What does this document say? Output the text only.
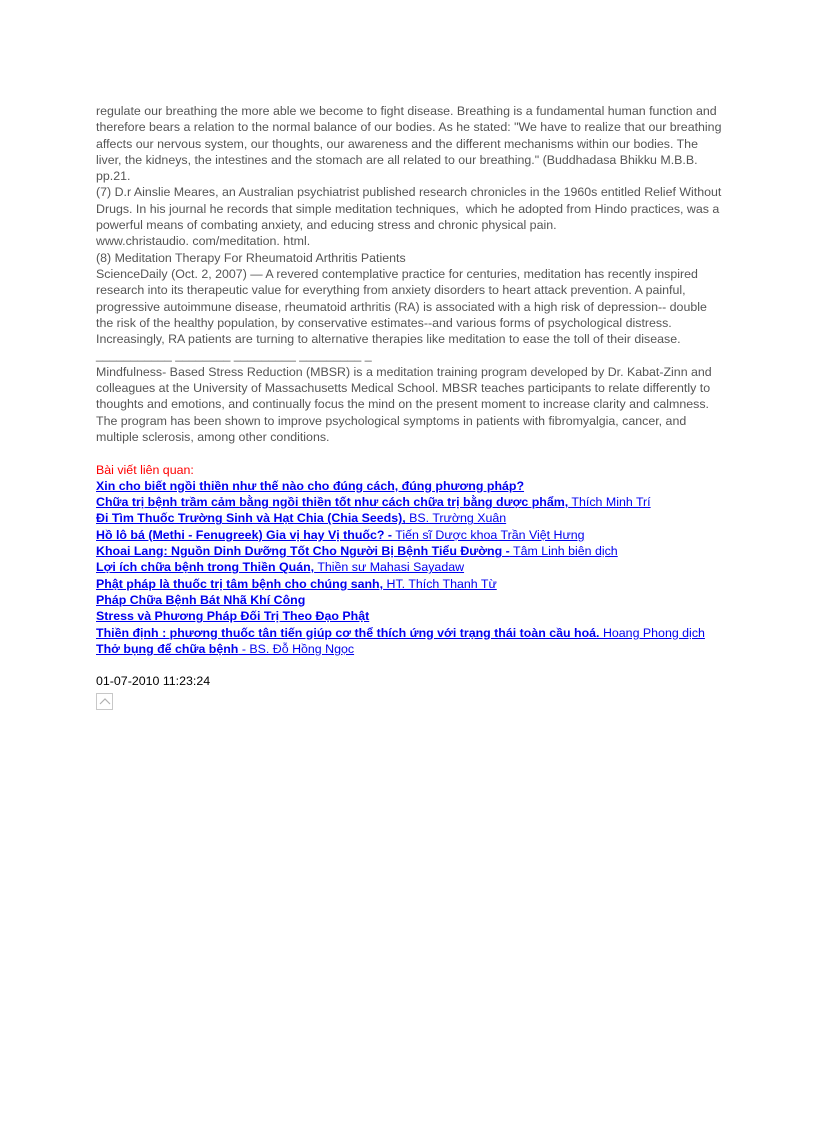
regulate our breathing the more able we become to fight disease. Breathing is a fundamental human function and therefore bears a relation to the normal balance of our bodies. As he stated: "We have to realize that our breathing affects our nervous system, our thoughts, our awareness and the different mechanisms within our bodies. The liver, the kidneys, the intestines and the stomach are all related to our breathing." (Buddhadasa Bhikku M.B.B. pp.21.

(7) D.r Ainslie Meares, an Australian psychiatrist published research chronicles in the 1960s entitled Relief Without Drugs. In his journal he records that simple meditation techniques,  which he adopted from Hindo practices, was a powerful means of combating anxiety, and educing stress and chronic physical pain.

www.christaudio. com/meditation. html.

(8) Meditation Therapy For Rheumatoid Arthritis Patients

ScienceDaily (Oct. 2, 2007) — A revered contemplative practice for centuries, meditation has recently inspired research into its therapeutic value for everything from anxiety disorders to heart attack prevention. A painful, progressive autoimmune disease, rheumatoid arthritis (RA) is associated with a high risk of depression-- double the risk of the healthy population, by conservative estimates--and various forms of psychological distress. Increasingly, RA patients are turning to alternative therapies like meditation to ease the toll of their disease.

___________ ________ _________ _________ _

Mindfulness- Based Stress Reduction (MBSR) is a meditation training program developed by Dr. Kabat-Zinn and colleagues at the University of Massachusetts Medical School. MBSR teaches participants to relate differently to thoughts and emotions, and continually focus the mind on the present moment to increase clarity and calmness. The program has been shown to improve psychological symptoms in patients with fibromyalgia, cancer, and multiple sclerosis, among other conditions.

Bài viết liên quan:

Xin cho biết ngồi thiền như thế nào cho đúng cách, đúng phương pháp?
Chữa trị bệnh trầm cảm bằng ngồi thiền tốt như cách chữa trị bằng dược phẩm, Thích Minh Trí
Đi Tìm Thuốc Trường Sinh và Hạt Chia (Chia Seeds), BS. Trường Xuân
Hồ lô bá (Methi - Fenugreek) Gia vị hay Vị thuốc? - Tiến sĩ Dược khoa Trần Việt Hưng
Khoai Lang: Nguồn Dinh Dưỡng Tốt Cho Người Bị Bệnh Tiểu Đường - Tâm Linh biên dịch
Lợi ích chữa bệnh trong Thiền Quán, Thiền sư Mahasi Sayadaw
Phật pháp là thuốc trị tâm bệnh cho chúng sanh, HT. Thích Thanh Từ
Pháp Chữa Bệnh Bát Nhã Khí Công
Stress và Phương Pháp Đối Trị Theo Đạo Phật
Thiền định : phương thuốc tân tiến giúp cơ thể thích ứng với trạng thái toàn cầu hoá. Hoang Phong dịch
Thở bụng để chữa bệnh - BS. Đỗ Hồng Ngọc

01-07-2010 11:23:24
